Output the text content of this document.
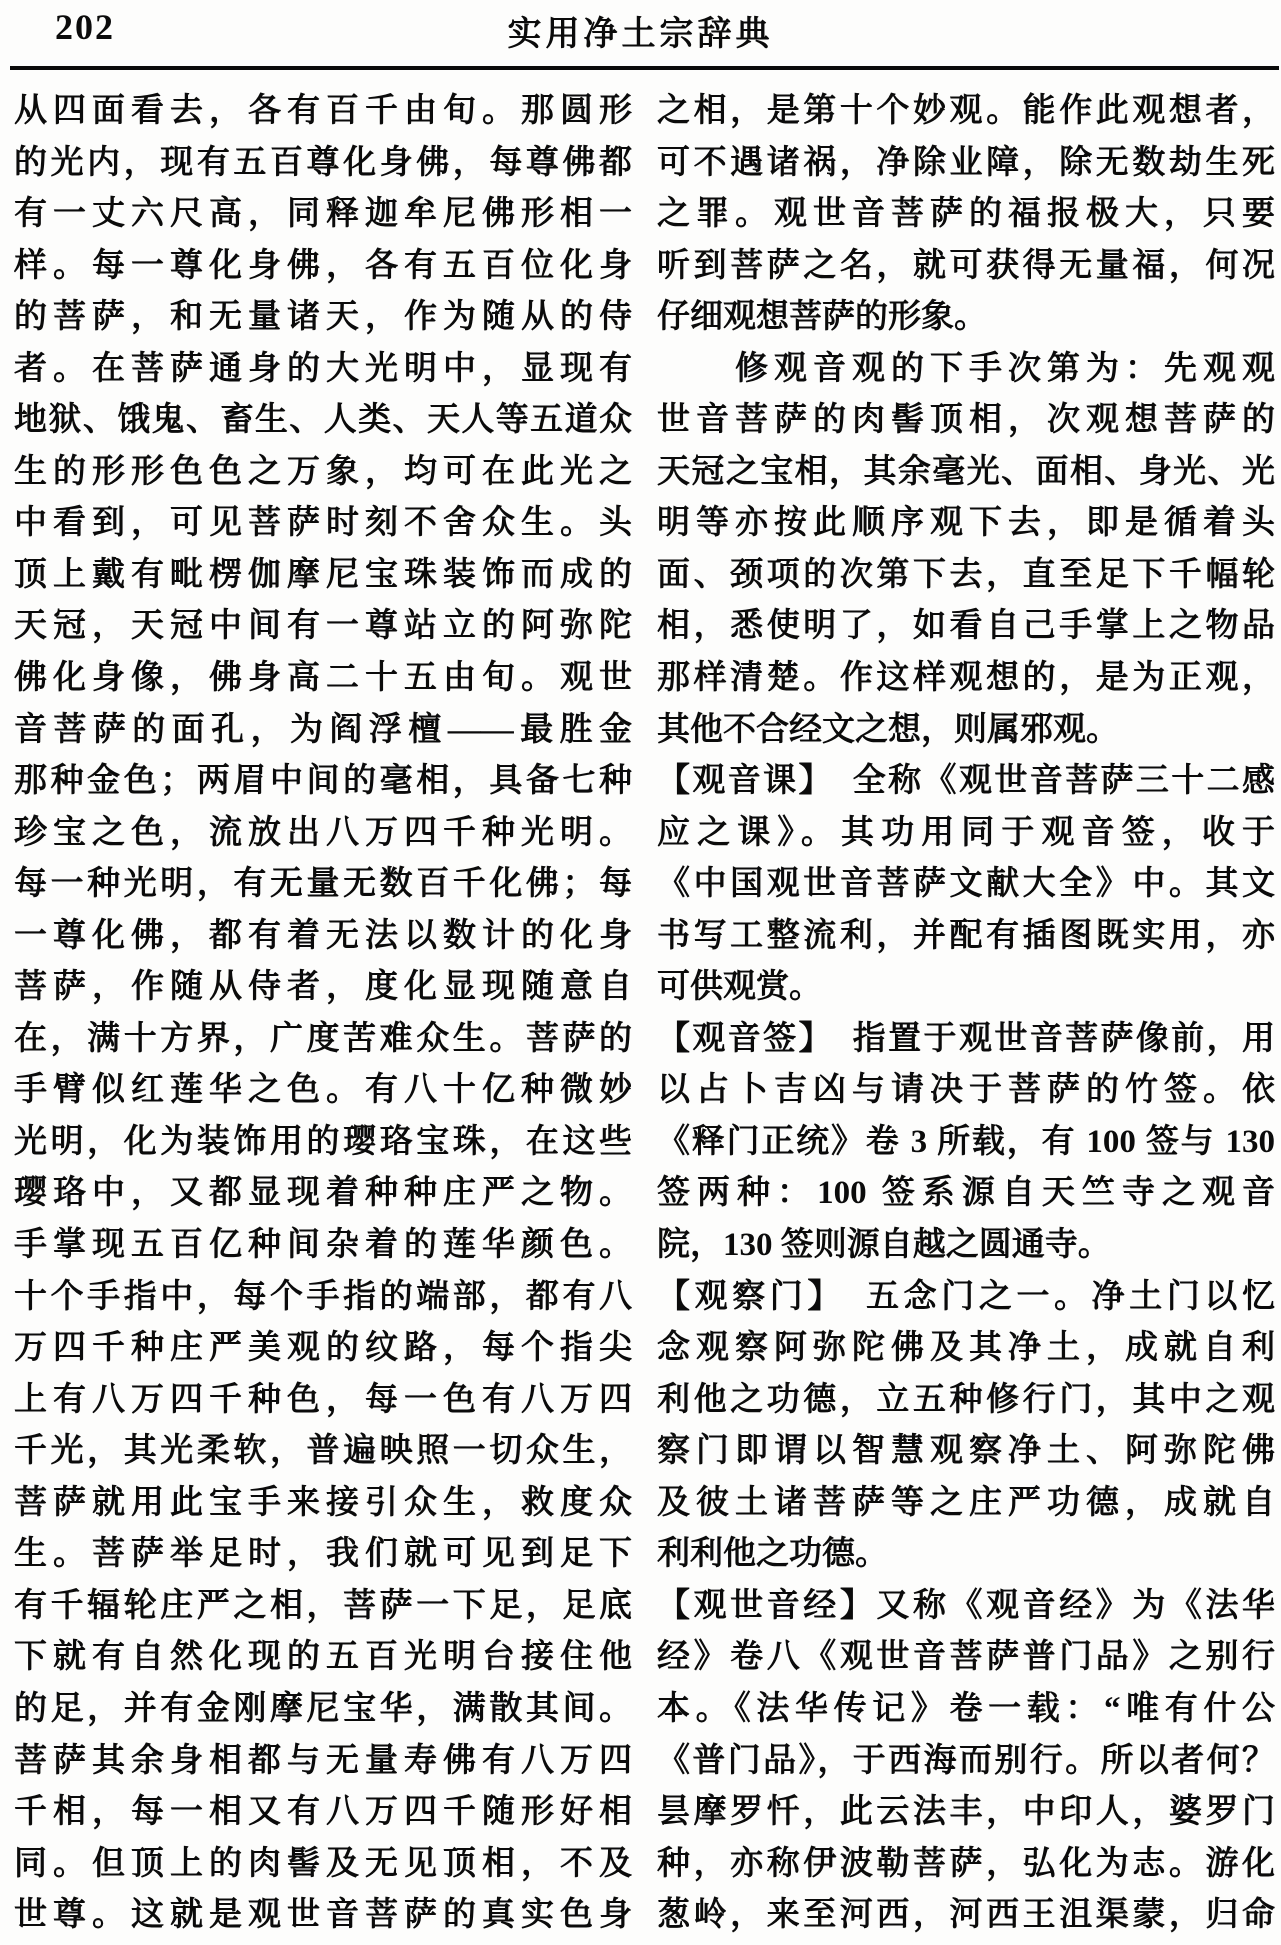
202	实用净土宗辞典
从四面看去，各有百千由旬。那圆形
的光内，现有五百尊化身佛，每尊佛都
有一丈六尺高，同释迦牟尼佛形相一
样。每一尊化身佛，各有五百位化身
的菩萨，和无量诸天，作为随从的侍
者。在菩萨通身的大光明中，显现有
地狱、饿鬼、畜生、人类、天人等五道众
生的形形色色之万象，均可在此光之
中看到，可见菩萨时刻不舍众生。头
顶上戴有毗楞伽摩尼宝珠装饰而成的
天冠，天冠中间有一尊站立的阿弥陀
佛化身像，佛身高二十五由旬。观世
音菩萨的面孔，为阎浮檀——最胜金
那种金色；两眉中间的毫相，具备七种
珍宝之色，流放出八万四千种光明。
每一种光明，有无量无数百千化佛；每
一尊化佛，都有着无法以数计的化身
菩萨，作随从侍者，度化显现随意自
在，满十方界，广度苦难众生。菩萨的
手臂似红莲华之色。有八十亿种微妙
光明，化为装饰用的璎珞宝珠，在这些
璎珞中，又都显现着种种庄严之物。
手掌现五百亿种间杂着的莲华颜色。
十个手指中，每个手指的端部，都有八
万四千种庄严美观的纹路，每个指尖
上有八万四千种色，每一色有八万四
千光，其光柔软，普遍映照一切众生，
菩萨就用此宝手来接引众生，救度众
生。菩萨举足时，我们就可见到足下
有千辐轮庄严之相，菩萨一下足，足底
下就有自然化现的五百光明台接住他
的足，并有金刚摩尼宝华，满散其间。
菩萨其余身相都与无量寿佛有八万四
千相，每一相又有八万四千随形好相
同。但顶上的肉髻及无见顶相，不及
世尊。这就是观世音菩萨的真实色身
之相，是第十个妙观。能作此观想者，
可不遇诸祸，净除业障，除无数劫生死
之罪。观世音菩萨的福报极大，只要
听到菩萨之名，就可获得无量福，何况
仔细观想菩萨的形象。
　　修观音观的下手次第为：先观观
世音菩萨的肉髻顶相，次观想菩萨的
天冠之宝相，其余毫光、面相、身光、光
明等亦按此顺序观下去，即是循着头
面、颈项的次第下去，直至足下千幅轮
相，悉使明了，如看自己手掌上之物品
那样清楚。作这样观想的，是为正观，
其他不合经文之想，则属邪观。
【观音课】　全称《观世音菩萨三十二感
应之课》。其功用同于观音签，收于
《中国观世音菩萨文献大全》中。其文
书写工整流利，并配有插图既实用，亦
可供观赏。
【观音签】　指置于观世音菩萨像前，用
以占卜吉凶与请决于菩萨的竹签。依
《释门正统》卷 3 所载，有 100 签与 130
签两种：100 签系源自天竺寺之观音
院，130 签则源自越之圆通寺。
【观察门】　五念门之一。净土门以忆
念观察阿弥陀佛及其净土，成就自利
利他之功德，立五种修行门，其中之观
察门即谓以智慧观察净土、阿弥陀佛
及彼土诸菩萨等之庄严功德，成就自
利利他之功德。
【观世音经】又称《观音经》为《法华
经》卷八《观世音菩萨普门品》之别行
本。《法华传记》卷一载：“唯有什公
《普门品》，于西海而别行。所以者何？
昙摩罗忏，此云法丰，中印人，婆罗门
种，亦称伊波勒菩萨，弘化为志。游化
葱岭，来至河西，河西王沮渠蒙，归命
